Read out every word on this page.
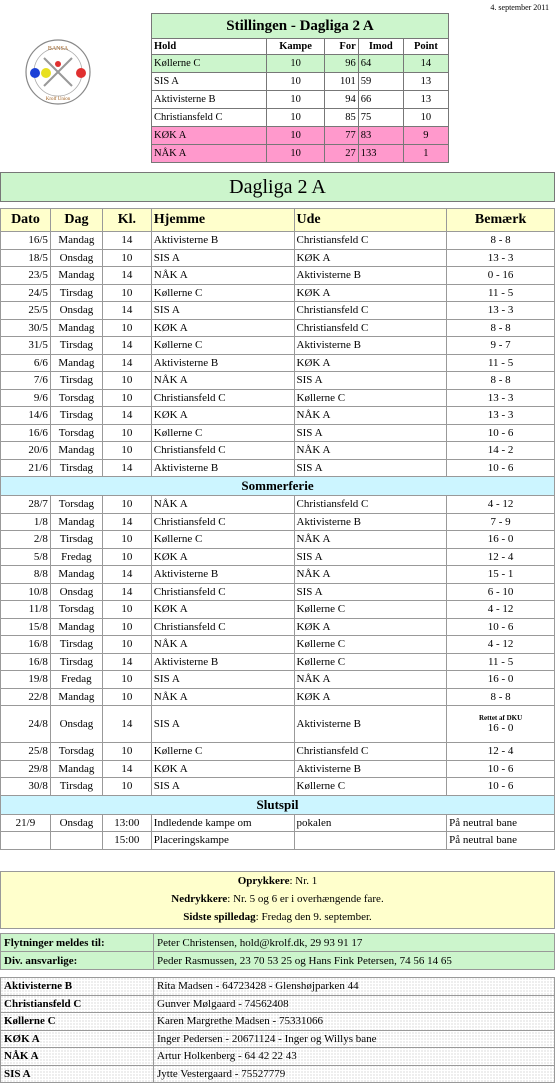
4. september 2011
BANSA
Krolf Union
Stillingen - Dagliga 2 A				
Hold	Kampe	For	Imod	Point
Køllerne C	10	96	64	14
SIS A	10	101	59	13
Aktivisterne B	10	94	66	13
Christiansfeld C	10	85	75	10
KØK A	10	77	83	9
NÅK A	10	27	133	1
Dagliga 2 A
Dato	Dag	Kl.	Hjemme	Ude	Bemærk
16/5	Mandag	14	Aktivisterne B	Christiansfeld C	8 - 8
18/5	Onsdag	10	SIS A	KØK A	13 - 3
23/5	Mandag	14	NÅK A	Aktivisterne B	0 - 16
24/5	Tirsdag	10	Køllerne C	KØK A	11 - 5
25/5	Onsdag	14	SIS A	Christiansfeld C	13 - 3
30/5	Mandag	10	KØK A	Christiansfeld C	8 - 8
31/5	Tirsdag	14	Køllerne C	Aktivisterne B	9 - 7
6/6	Mandag	14	Aktivisterne B	KØK A	11 - 5
7/6	Tirsdag	10	NÅK A	SIS A	8 - 8
9/6	Torsdag	10	Christiansfeld C	Køllerne C	13 - 3
14/6	Tirsdag	14	KØK A	NÅK A	13 - 3
16/6	Torsdag	10	Køllerne C	SIS A	10 - 6
20/6	Mandag	10	Christiansfeld C	NÅK A	14 - 2
21/6	Tirsdag	14	Aktivisterne B	SIS A	10 - 6
Sommerferie					
28/7	Torsdag	10	NÅK A	Christiansfeld C	4 - 12
1/8	Mandag	14	Christiansfeld C	Aktivisterne B	7 - 9
2/8	Tirsdag	10	Køllerne C	NÅK A	16 - 0
5/8	Fredag	10	KØK A	SIS A	12 - 4
8/8	Mandag	14	Aktivisterne B	NÅK A	15 - 1
10/8	Onsdag	14	Christiansfeld C	SIS A	6 - 10
11/8	Torsdag	10	KØK A	Køllerne C	4 - 12
15/8	Mandag	10	Christiansfeld C	KØK A	10 - 6
16/8	Tirsdag	10	NÅK A	Køllerne C	4 - 12
16/8	Tirsdag	14	Aktivisterne B	Køllerne C	11 - 5
19/8	Fredag	10	SIS A	NÅK A	16 - 0
22/8	Mandag	10	NÅK A	KØK A	8 - 8
24/8	Onsdag	14	SIS A	Aktivisterne B	Rettet af DKU
16 - 0
25/8	Torsdag	10	Køllerne C	Christiansfeld C	12 - 4
29/8	Mandag	14	KØK A	Aktivisterne B	10 - 6
30/8	Tirsdag	10	SIS A	Køllerne C	10 - 6
Slutspil					
21/9	Onsdag	13:00	Indledende kampe om	pokalen	På neutral bane
		15:00	Placeringskampe		På neutral bane
Oprykkere: Nr. 1
Nedrykkere: Nr. 5 og 6 er i overhængende fare.
Sidste spilledag: Fredag den 9. september.
Flytninger meldes til:	Peter Christensen, hold@krolf.dk, 29 93 91 17
Div. ansvarlige:	Peder Rasmussen, 23 70 53 25 og Hans Fink Petersen, 74 56 14 65
Aktivisterne B	Rita Madsen - 64723428 - Glenshøjparken 44
Christiansfeld C	Gunver Mølgaard - 74562408
Køllerne C	Karen Margrethe Madsen - 75331066
KØK A	Inger Pedersen - 20671124 - Inger og Willys bane
NÅK A	Artur Holkenberg - 64 42 22 43
SIS A	Jytte Vestergaard - 75527779
